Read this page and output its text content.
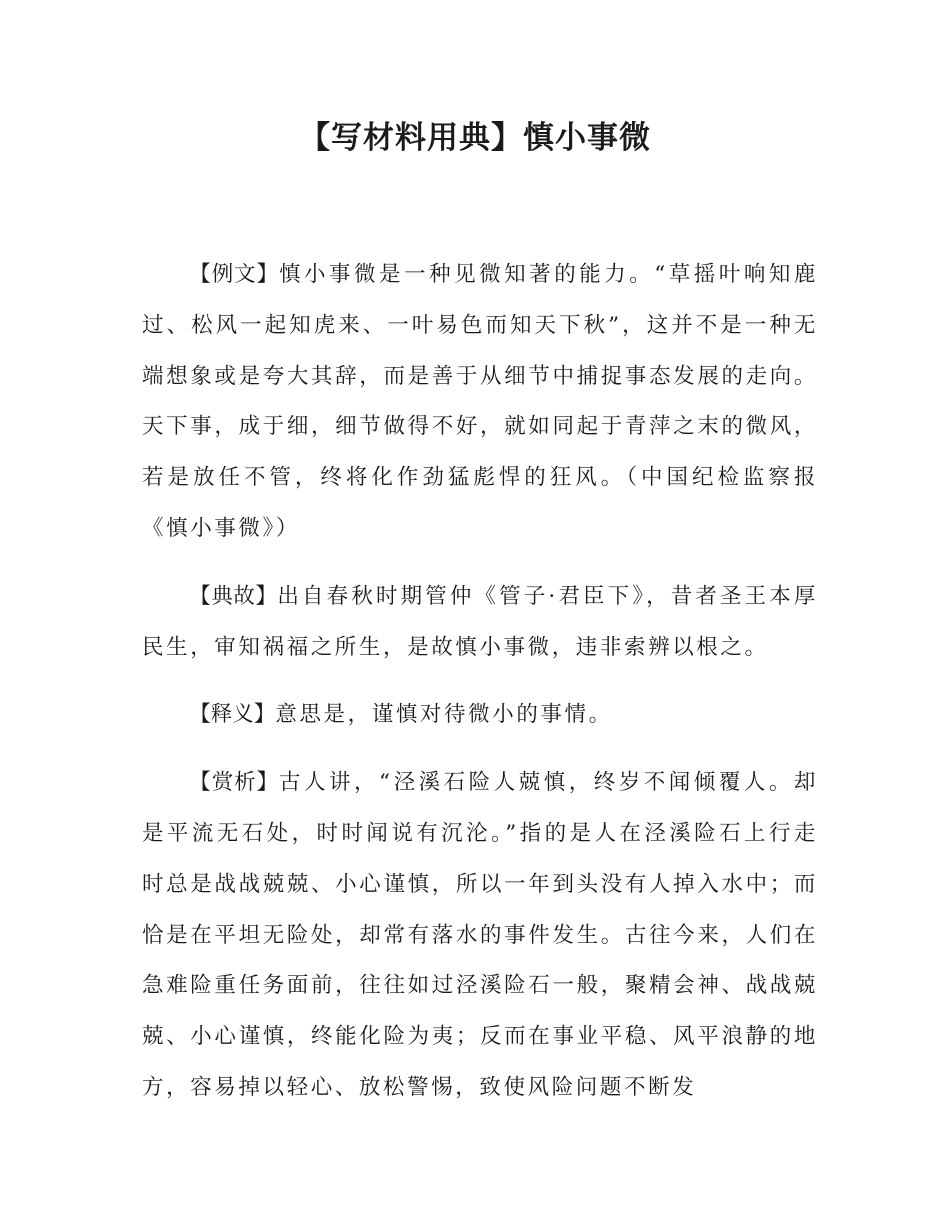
【写材料用典】慎小事微

【例文】慎小事微是一种见微知著的能力。“草摇叶响知鹿过、松风一起知虎来、一叶易色而知天下秋”，这并不是一种无端想象或是夸大其辞，而是善于从细节中捕捉事态发展的走向。天下事，成于细，细节做得不好，就如同起于青萍之末的微风，若是放任不管，终将化作劲猛彪悍的狂风。（中国纪检监察报《慎小事微》）

【典故】出自春秋时期管仲《管子·君臣下》，昔者圣王本厚民生，审知祸福之所生，是故慎小事微，违非索辨以根之。

【释义】意思是，谨慎对待微小的事情。

【赏析】古人讲，“泾溪石险人兢慎，终岁不闻倾覆人。却是平流无石处，时时闻说有沉沦。”指的是人在泾溪险石上行走时总是战战兢兢、小心谨慎，所以一年到头没有人掉入水中；而恰是在平坦无险处，却常有落水的事件发生。古往今来，人们在急难险重任务面前，往往如过泾溪险石一般，聚精会神、战战兢兢、小心谨慎，终能化险为夷；反而在事业平稳、风平浪静的地方，容易掉以轻心、放松警惕，致使风险问题不断发
